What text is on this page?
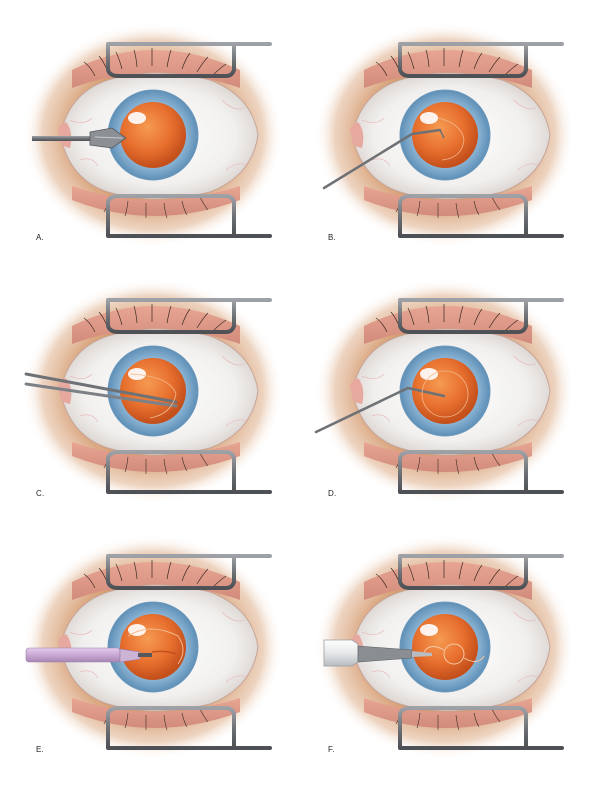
A.	B.
C.	D.
E.	F.
